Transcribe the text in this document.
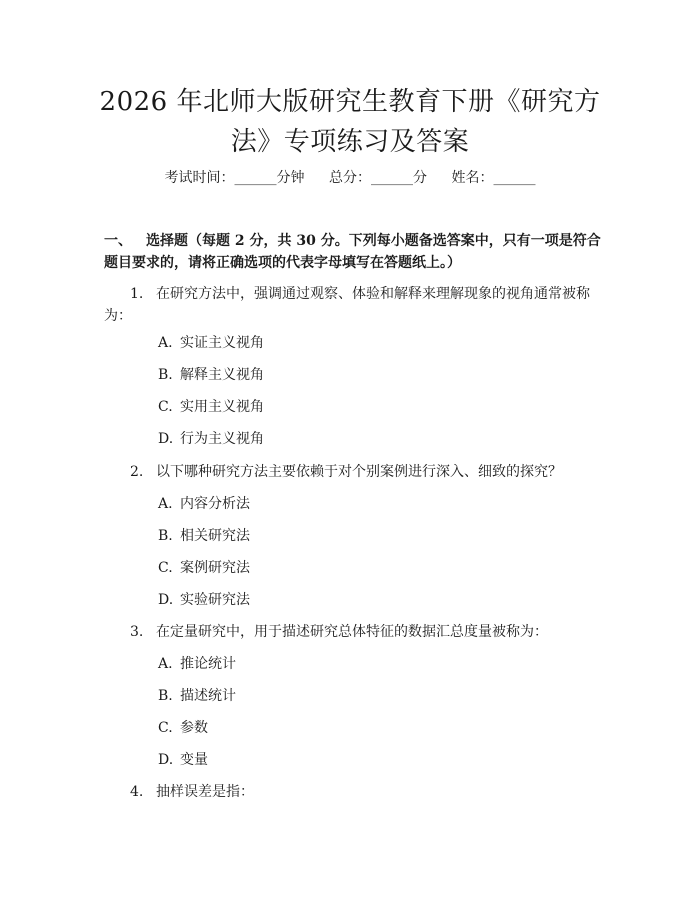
2026 年北师大版研究生教育下册《研究方
法》专项练习及答案
考试时间：______分钟 总分：______分 姓名：______
一、 选择题（每题 2 分，共 30 分。下列每小题备选答案中，只有一项是符合题目要求的，请将正确选项的代表字母填写在答题纸上。）
1. 在研究方法中，强调通过观察、体验和解释来理解现象的视角通常被称为：
A. 实证主义视角
B. 解释主义视角
C. 实用主义视角
D. 行为主义视角
2. 以下哪种研究方法主要依赖于对个别案例进行深入、细致的探究？
A. 内容分析法
B. 相关研究法
C. 案例研究法
D. 实验研究法
3. 在定量研究中，用于描述研究总体特征的数据汇总度量被称为：
A. 推论统计
B. 描述统计
C. 参数
D. 变量
4. 抽样误差是指：
